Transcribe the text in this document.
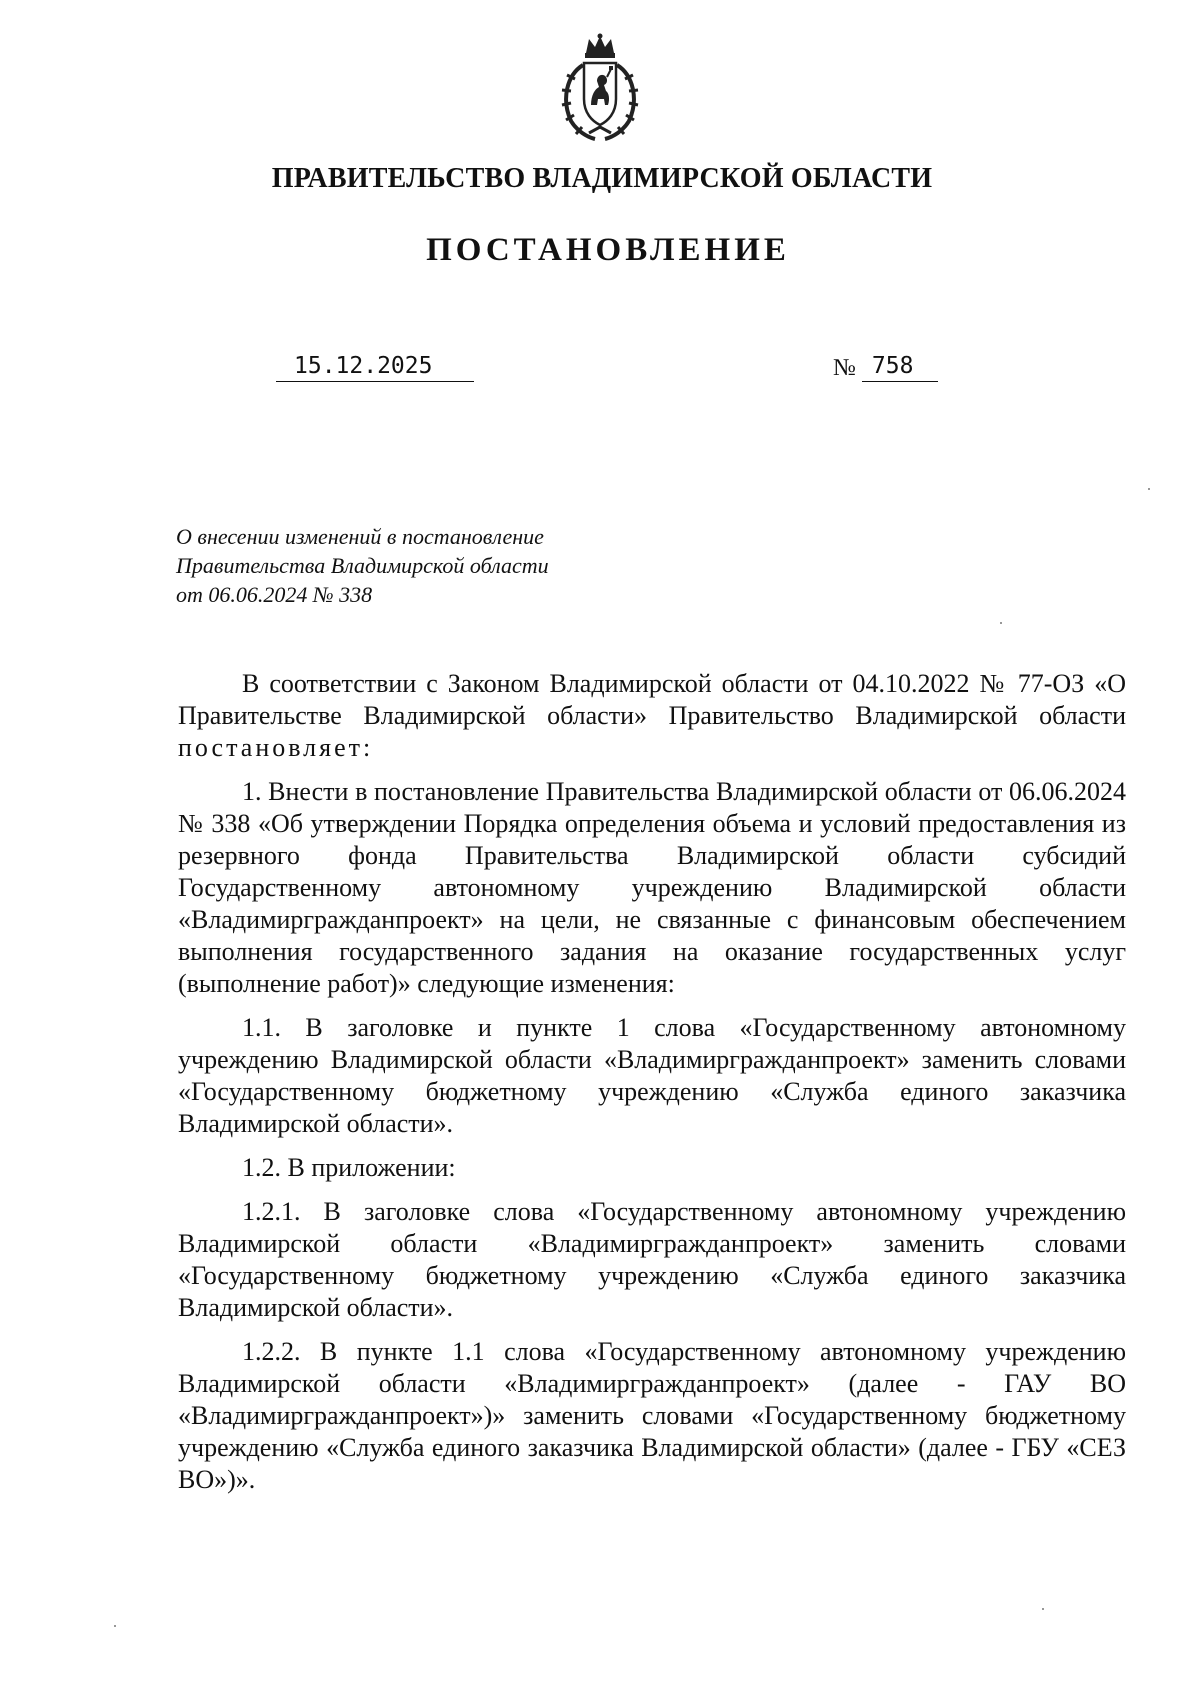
ПРАВИТЕЛЬСТВО ВЛАДИМИРСКОЙ ОБЛАСТИ
ПОСТАНОВЛЕНИЕ
15.12.2025	№ 758
О внесении изменений в постановление
Правительства Владимирской области
от 06.06.2024 № 338

В соответствии с Законом Владимирской области от 04.10.2022 № 77-ОЗ «О Правительстве Владимирской области» Правительство Владимирской области постановляет:

1. Внести в постановление Правительства Владимирской области от 06.06.2024 № 338 «Об утверждении Порядка определения объема и условий предоставления из резервного фонда Правительства Владимирской области субсидий Государственному автономному учреждению Владимирской области «Владимиргражданпроект» на цели, не связанные с финансовым обеспечением выполнения государственного задания на оказание государственных услуг (выполнение работ)» следующие изменения:

1.1. В заголовке и пункте 1 слова «Государственному автономному учреждению Владимирской области «Владимиргражданпроект» заменить словами «Государственному бюджетному учреждению «Служба единого заказчика Владимирской области».

1.2. В приложении:

1.2.1. В заголовке слова «Государственному автономному учреждению Владимирской области «Владимиргражданпроект» заменить словами «Государственному бюджетному учреждению «Служба единого заказчика Владимирской области».

1.2.2. В пункте 1.1 слова «Государственному автономному учреждению Владимирской области «Владимиргражданпроект» (далее - ГАУ ВО «Владимиргражданпроект»)» заменить словами «Государственному бюджетному учреждению «Служба единого заказчика Владимирской области» (далее - ГБУ «СЕЗ ВО»)».
